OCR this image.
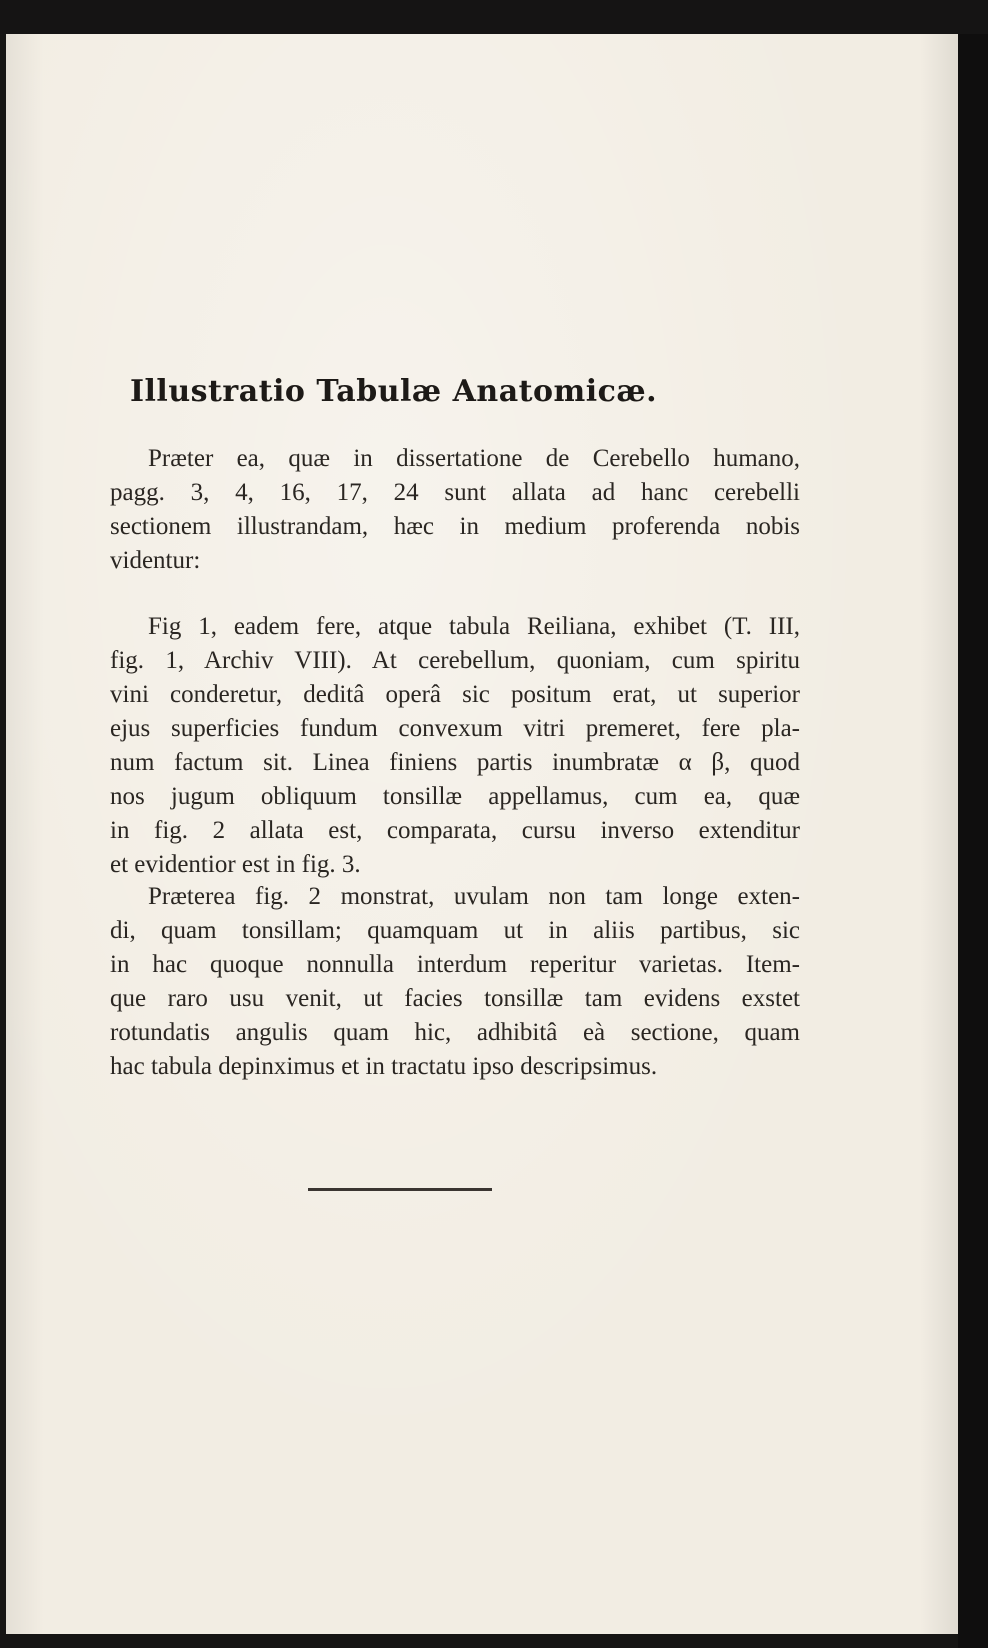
Illustratio Tabulæ Anatomicæ.
Præter ea, quæ in dissertatione de Cerebello humano,
pagg. 3, 4, 16, 17, 24 sunt allata ad hanc cerebelli
sectionem illustrandam, hæc in medium proferenda nobis
videntur:
Fig 1, eadem fere, atque tabula Reiliana, exhibet (T. III,
fig. 1, Archiv VIII). At cerebellum, quoniam, cum spiritu
vini conderetur, deditâ operâ sic positum erat, ut superior
ejus superficies fundum convexum vitri premeret, fere pla-
num factum sit. Linea finiens partis inumbratæ α β, quod
nos jugum obliquum tonsillæ appellamus, cum ea, quæ
in fig. 2 allata est, comparata, cursu inverso extenditur
et evidentior est in fig. 3.
Præterea fig. 2 monstrat, uvulam non tam longe exten-
di, quam tonsillam; quamquam ut in aliis partibus, sic
in hac quoque nonnulla interdum reperitur varietas. Item-
que raro usu venit, ut facies tonsillæ tam evidens exstet
rotundatis angulis quam hic, adhibitâ eà sectione, quam
hac tabula depinximus et in tractatu ipso descripsimus.
